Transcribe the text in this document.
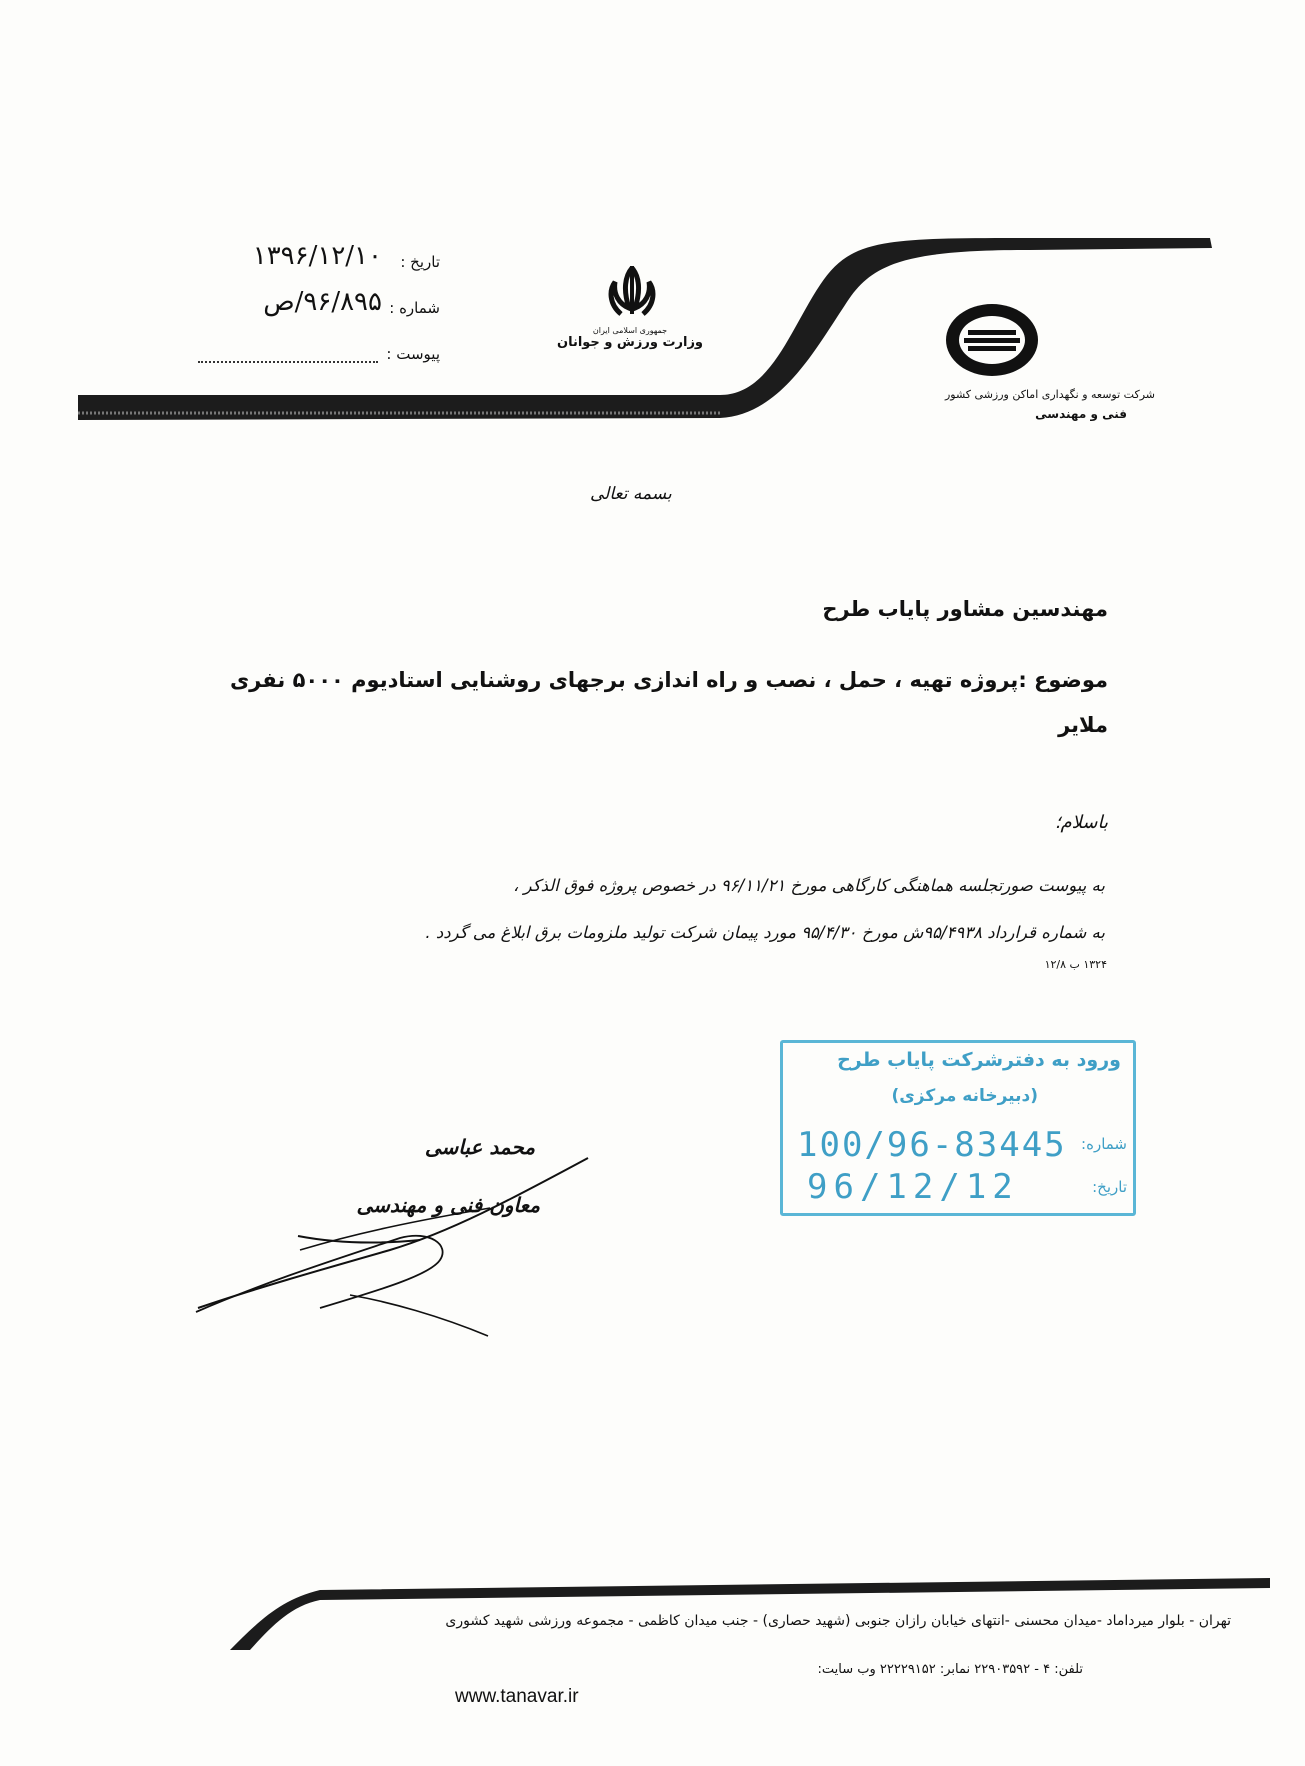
تاریخ :
۱۳۹۶/۱۲/۱۰
شماره :
۹۶/۸۹۵/ص
پیوست :
جمهوری اسلامی ایران
وزارت ورزش و جوانان
شرکت توسعه و نگهداری اماکن ورزشی کشور
فنی و مهندسی
بسمه تعالی
مهندسین مشاور پایاب طرح
موضوع :پروژه تهیه ، حمل ، نصب و راه اندازی برجهای روشنایی استادیوم ۵۰۰۰ نفری ملایر
باسلام؛
به پیوست صورتجلسه هماهنگی کارگاهی مورخ ۹۶/۱۱/۲۱ در خصوص پروژه فوق الذکر ،
به شماره قرارداد ۹۵/۴۹۳۸ش مورخ ۹۵/۴/۳۰ مورد پیمان شرکت تولید ملزومات برق ابلاغ می گردد .
۱۳۲۴ ب ۱۲/۸
ورود به دفترشرکت پایاب طرح
(دبیرخانه مرکزی)
شماره:
100/96-83445
تاریخ:
96/12/12
محمد عباسی
معاون فنی و مهندسی
تهران - بلوار میرداماد -میدان محسنی -انتهای خیابان رازان جنوبی (شهید حصاری) - جنب میدان کاظمی - مجموعه ورزشی شهید کشوری
تلفن: ۴ - ۲۲۹۰۳۵۹۲ نمابر: ۲۲۲۲۹۱۵۲ وب سایت:
www.tanavar.ir
